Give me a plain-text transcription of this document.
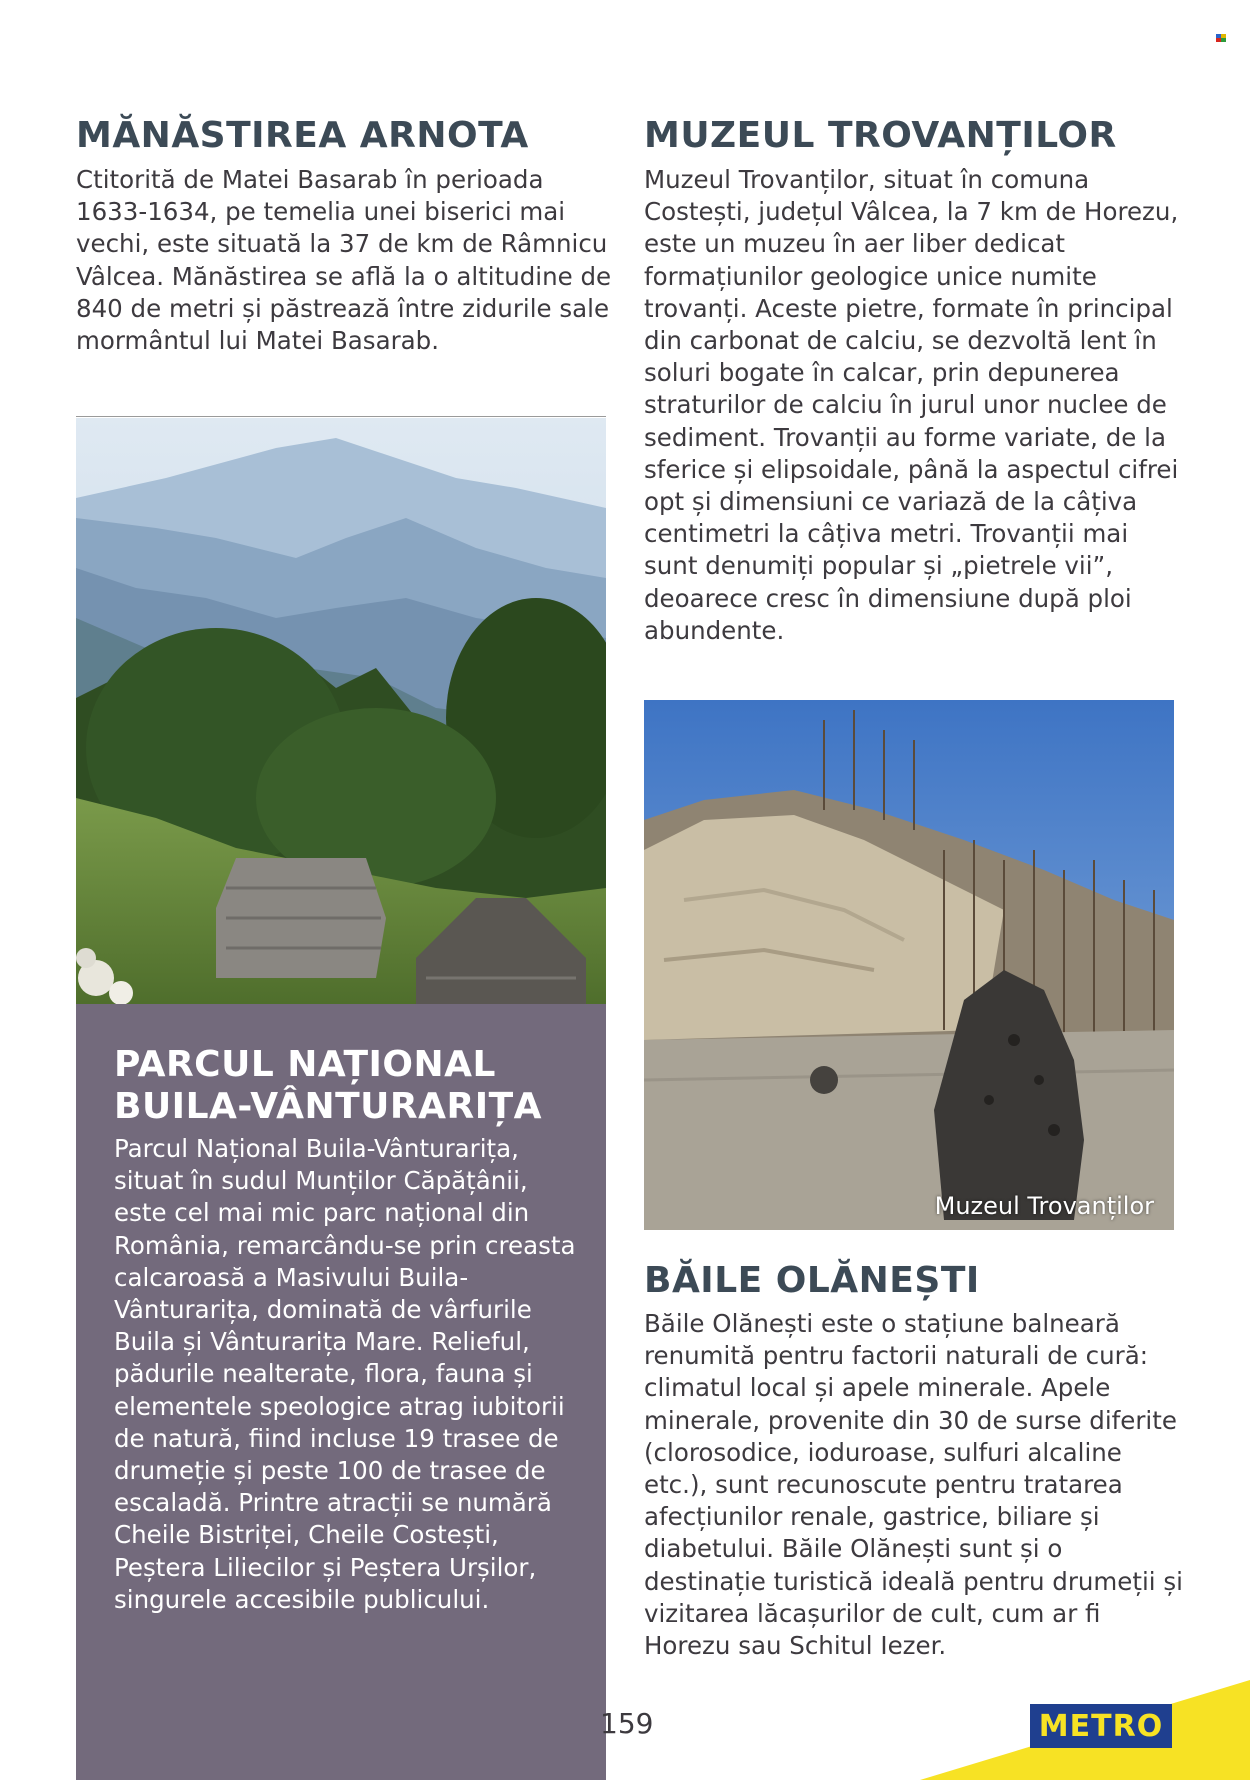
MĂNĂSTIREA ARNOTA

Ctitorită de Matei Basarab în perioada 1633-1634, pe temelia unei biserici mai vechi, este situată la 37 de km de Râmnicu Vâlcea. Mănăstirea se află la o altitudine de 840 de metri și păstrează între zidurile sale mormântul lui Matei Basarab.

PARCUL NAȚIONAL BUILA-VÂNTURARIȚA

Parcul Național Buila-Vânturarița, situat în sudul Munților Căpățânii, este cel mai mic parc național din România, remarcându-se prin creasta calcaroasă a Masivului Buila-Vânturarița, dominată de vârfurile Buila și Vânturarița Mare. Relieful, pădurile nealterate, flora, fauna și elementele speologice atrag iubitorii de natură, fiind incluse 19 trasee de drumeție și peste 100 de trasee de escaladă. Printre atracții se numără Cheile Bistriței, Cheile Costești, Peștera Liliecilor și Peștera Urșilor, singurele accesibile publicului.

MUZEUL TROVANȚILOR

Muzeul Trovanților, situat în comuna Costești, județul Vâlcea, la 7 km de Horezu, este un muzeu în aer liber dedicat formațiunilor geologice unice numite trovanți. Aceste pietre, formate în principal din carbonat de calciu, se dezvoltă lent în soluri bogate în calcar, prin depunerea straturilor de calciu în jurul unor nuclee de sediment. Trovanții au forme variate, de la sferice și elipsoidale, până la aspectul cifrei opt și dimensiuni ce variază de la câțiva centimetri la câțiva metri. Trovanții mai sunt denumiți popular și „pietrele vii”, deoarece cresc în dimensiune după ploi abundente.

Muzeul Trovanților
BĂILE OLĂNEȘTI

Băile Olănești este o stațiune balneară renumită pentru factorii naturali de cură: climatul local și apele minerale. Apele minerale, provenite din 30 de surse diferite (clorosodice, ioduroase, sulfuri alcaline etc.), sunt recunoscute pentru tratarea afecțiunilor renale, gastrice, biliare și diabetului. Băile Olănești sunt și o destinație turistică ideală pentru drumeții și vizitarea lăcașurilor de cult, cum ar fi Horezu sau Schitul Iezer.

159	METRO
